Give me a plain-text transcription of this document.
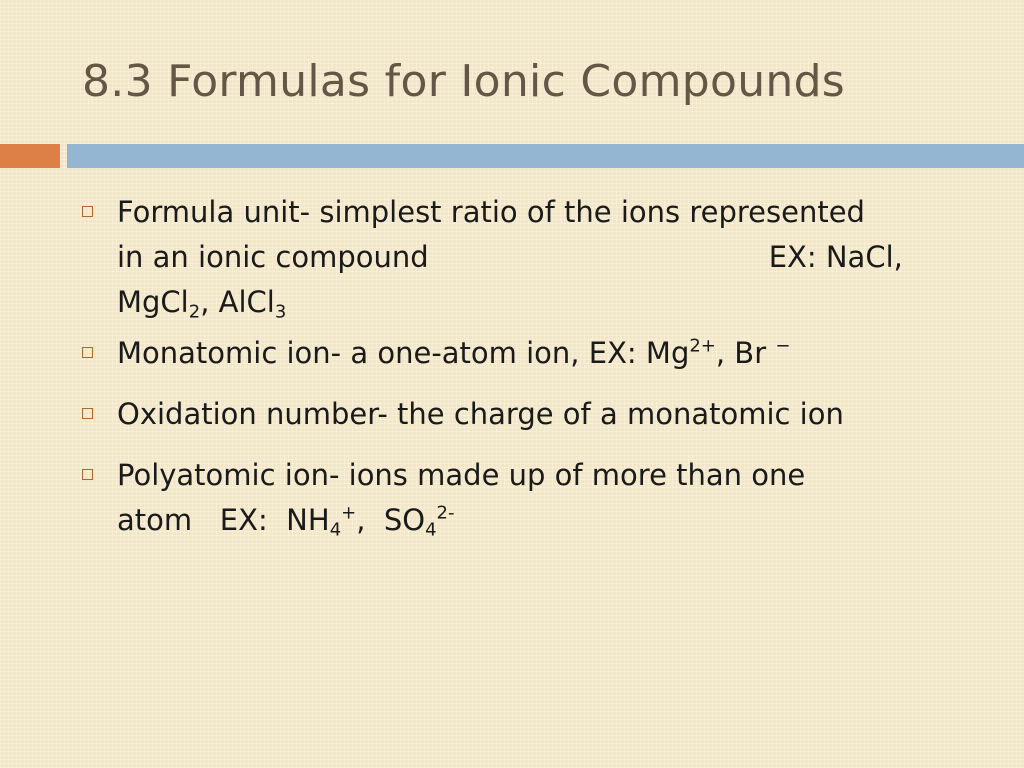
8.3 Formulas for Ionic Compounds
Formula unit- simplest ratio of the ions represented
in an ionic compound	EX: NaCl,
MgCl$_2$, AlCl$_3$
Monatomic ion- a one-atom ion, EX: $Mg^{2+}$, Br −
Oxidation number- the charge of a monatomic ion
Polyatomic ion- ions made up of more than one
atom   EX:  $NH_4^+$,  $SO_4^{2-}$
